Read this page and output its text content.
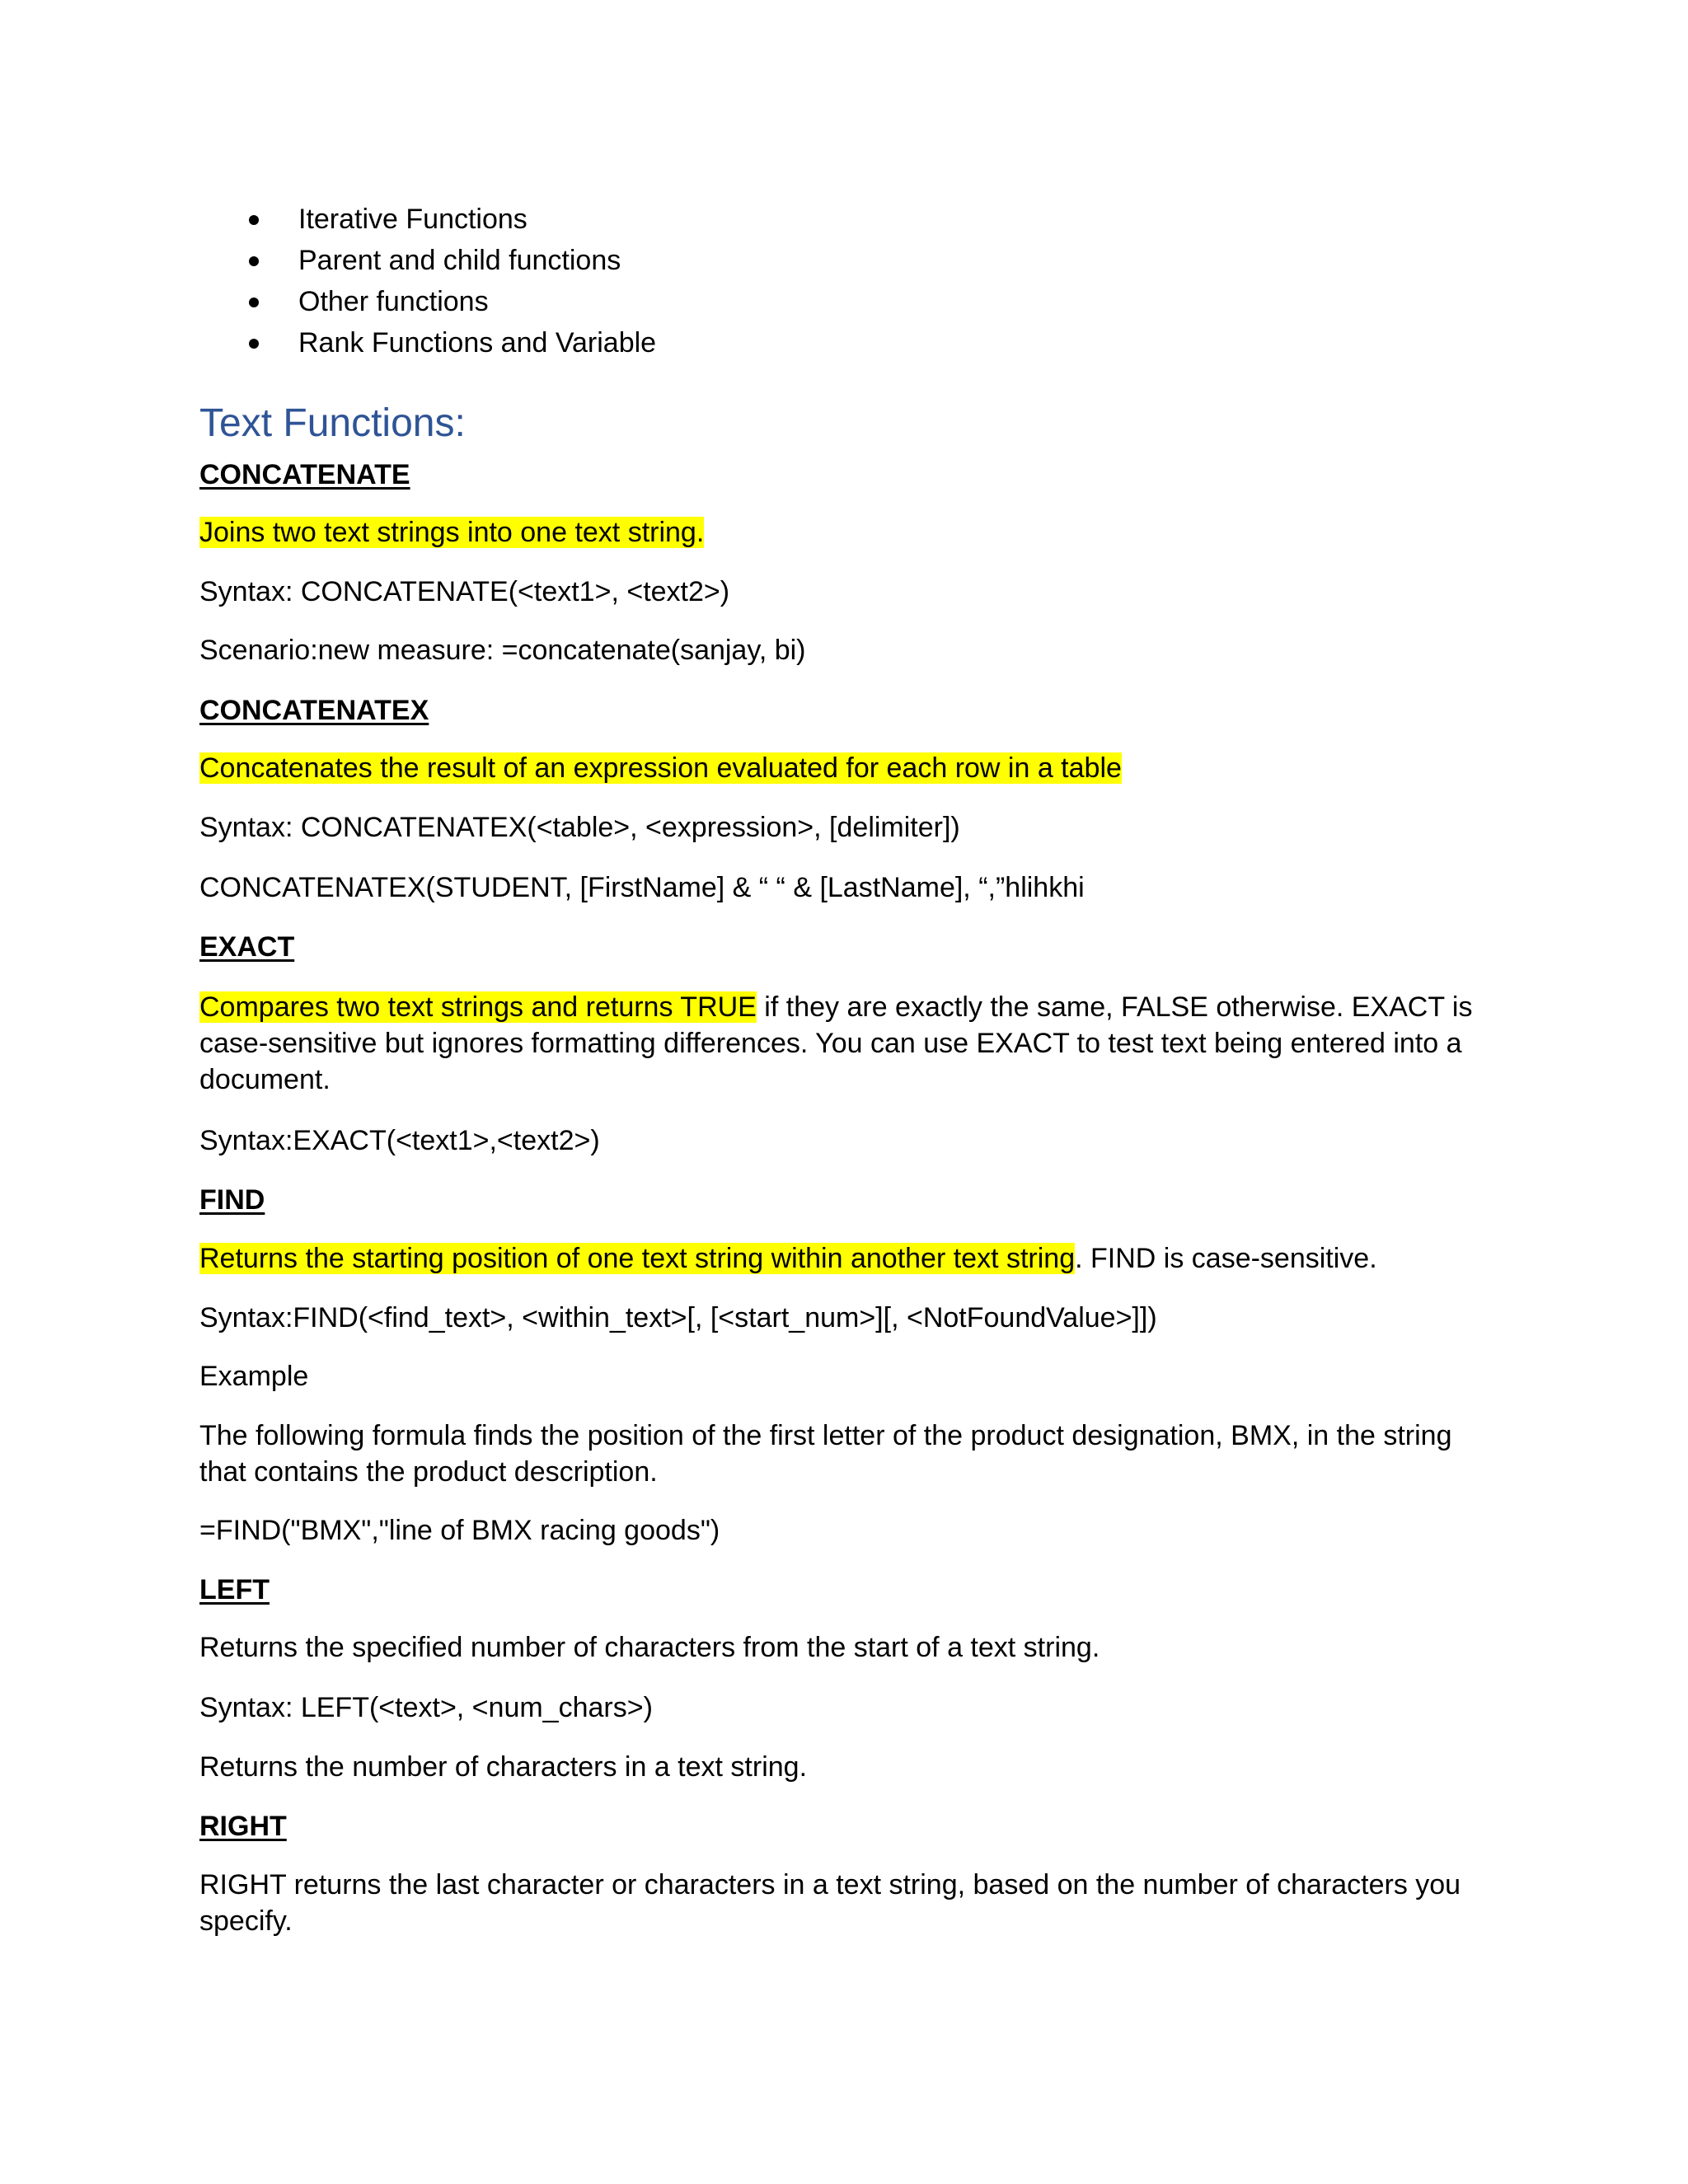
Iterative Functions
Parent and child functions
Other functions
Rank Functions and Variable
Text Functions:
CONCATENATE
Joins two text strings into one text string.
Syntax: CONCATENATE(<text1>, <text2>)
Scenario:new measure: =concatenate(sanjay, bi)
CONCATENATEX
Concatenates the result of an expression evaluated for each row in a table
Syntax: CONCATENATEX(<table>, <expression>, [delimiter])
CONCATENATEX(STUDENT, [FirstName] & “ “ & [LastName], “,”hlihkhi
EXACT
Compares two text strings and returns TRUE if they are exactly the same, FALSE otherwise. EXACT is case-sensitive but ignores formatting differences. You can use EXACT to test text being entered into a document.
Syntax:EXACT(<text1>,<text2>)
FIND
Returns the starting position of one text string within another text string. FIND is case-sensitive.
Syntax:FIND(<find_text>, <within_text>[, [<start_num>][, <NotFoundValue>]])
Example
The following formula finds the position of the first letter of the product designation, BMX, in the string that contains the product description.
=FIND("BMX","line of BMX racing goods")
LEFT
Returns the specified number of characters from the start of a text string.
Syntax: LEFT(<text>, <num_chars>)
Returns the number of characters in a text string.
RIGHT
RIGHT returns the last character or characters in a text string, based on the number of characters you specify.
